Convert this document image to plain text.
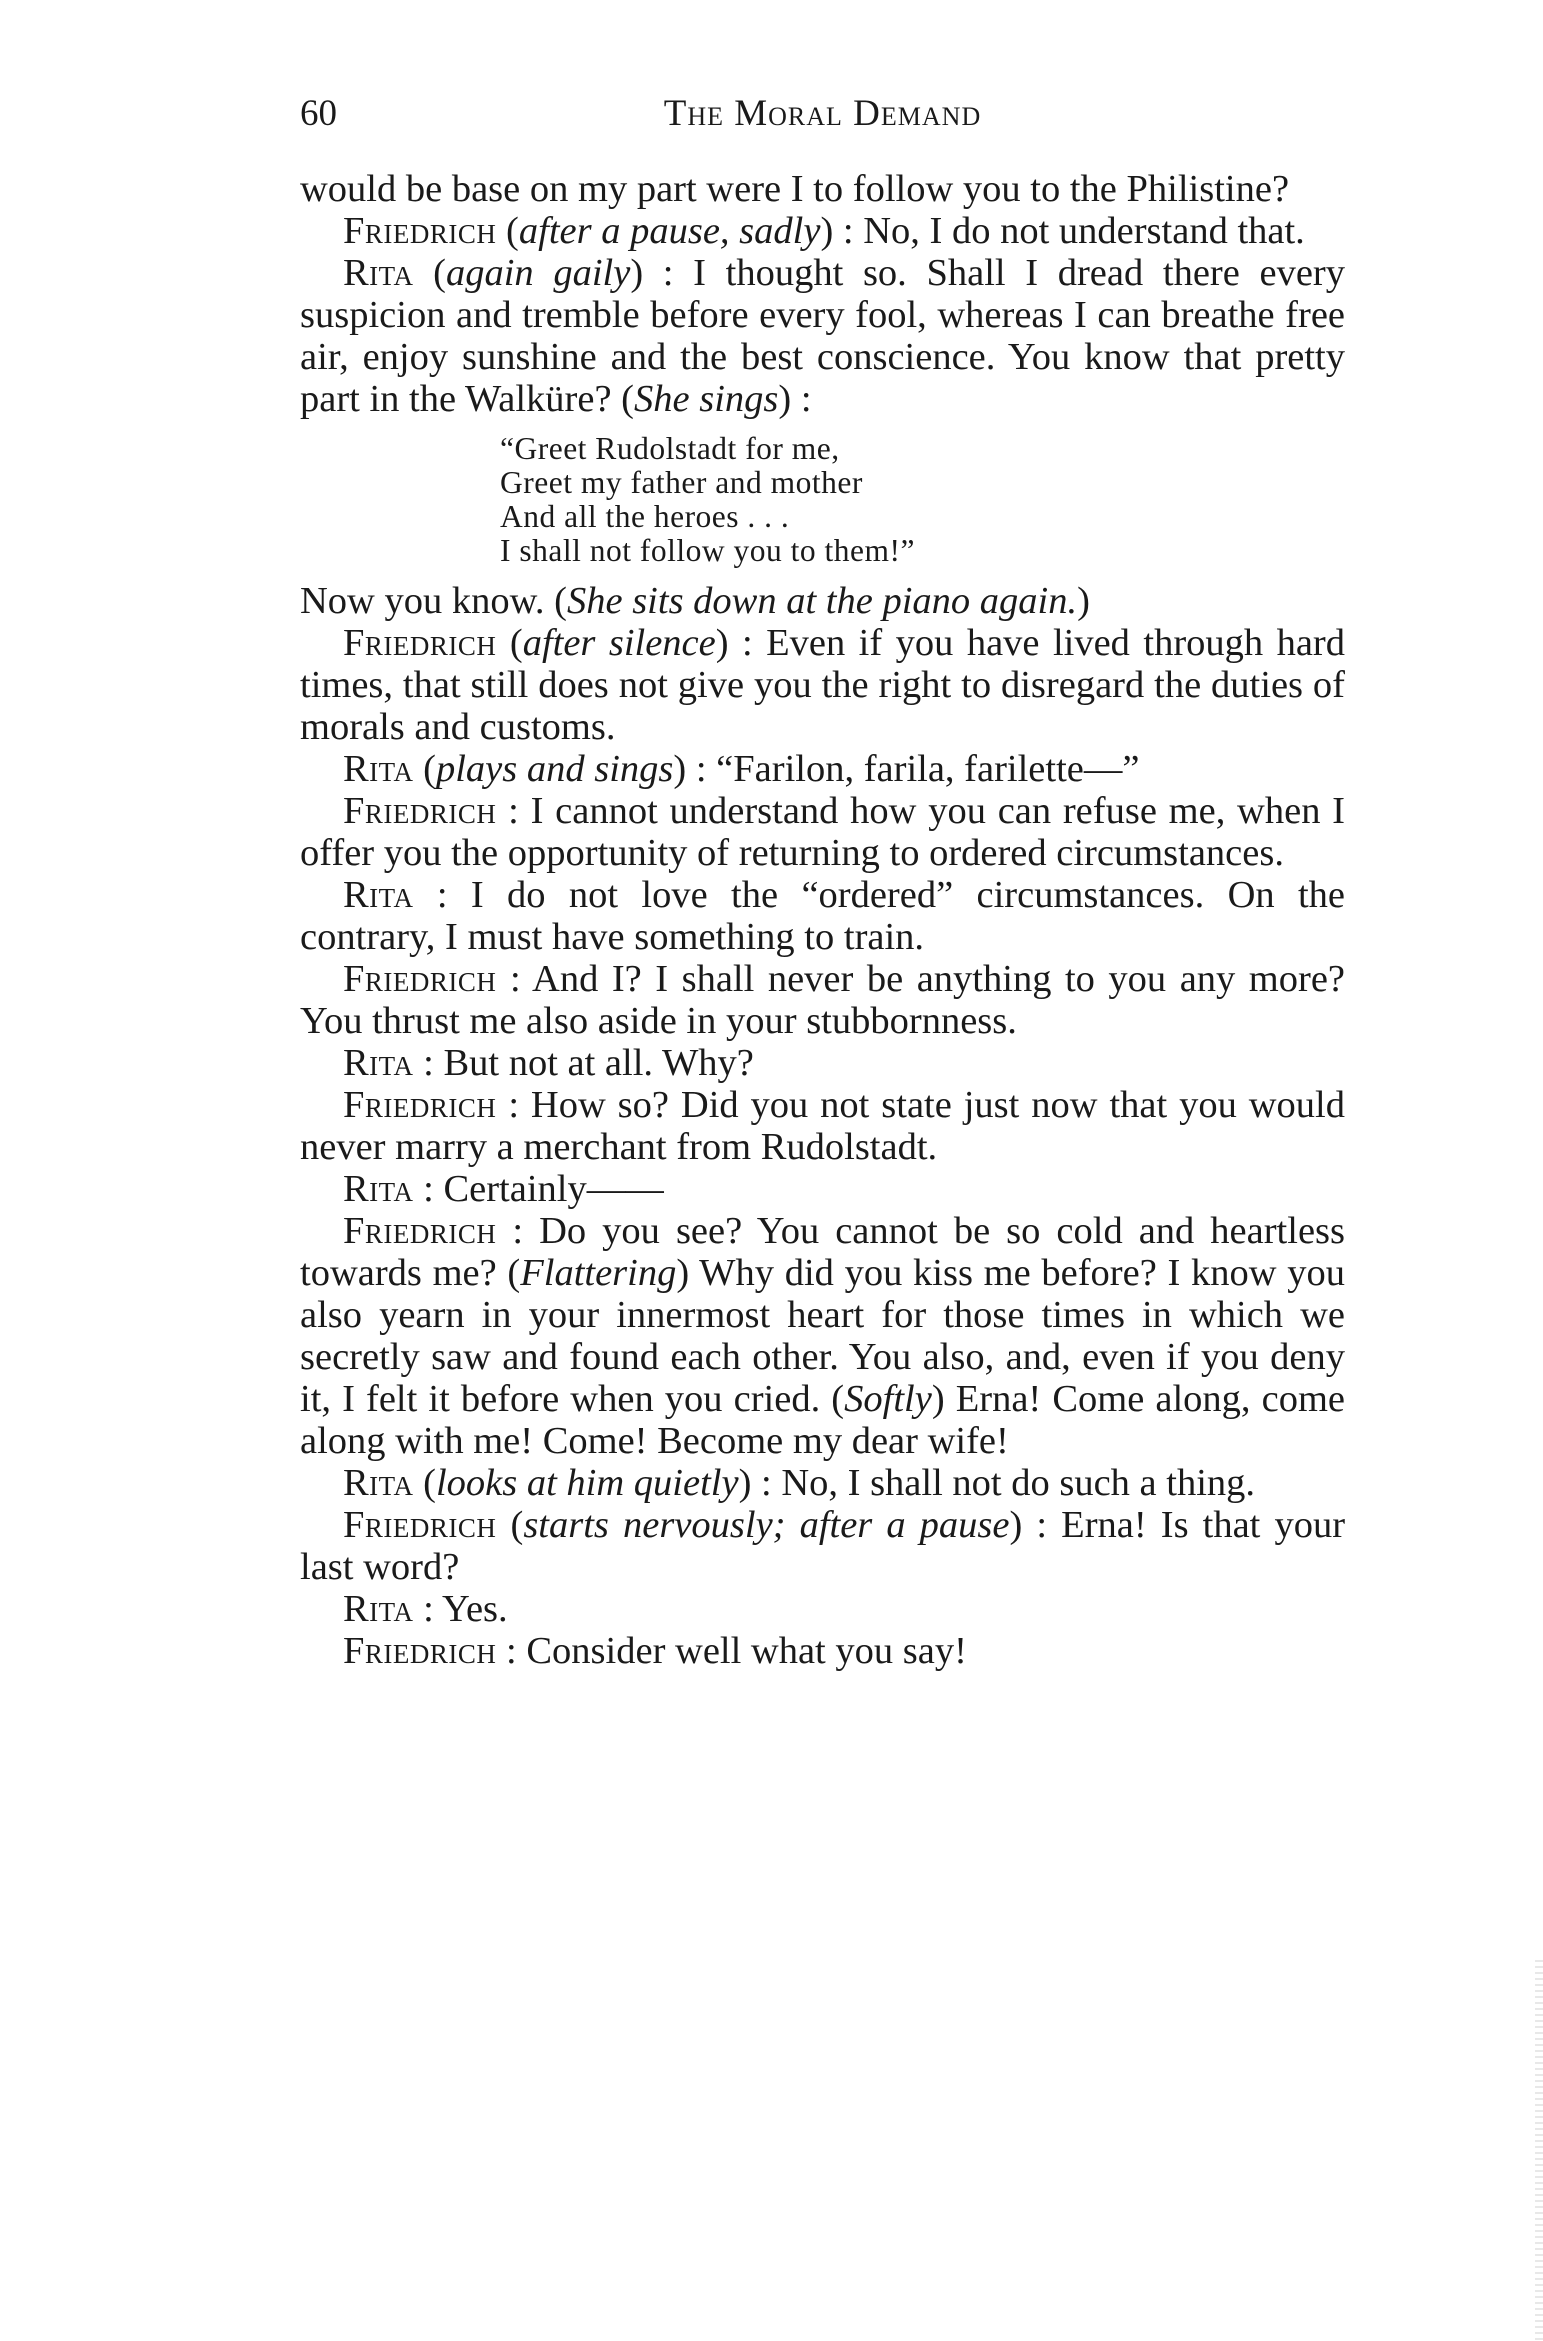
60	The Moral Demand

would be base on my part were I to follow you to the Philistine?

Friedrich (after a pause, sadly) : No, I do not understand that.

Rita (again gaily) : I thought so. Shall I dread there every suspicion and tremble before every fool, whereas I can breathe free air, enjoy sunshine and the best conscience. You know that pretty part in the Walküre? (She sings) :

“Greet Rudolstadt for me,
Greet my father and mother
And all the heroes . . .
I shall not follow you to them!”

Now you know. (She sits down at the piano again.)

Friedrich (after silence) : Even if you have lived through hard times, that still does not give you the right to disregard the duties of morals and customs.

Rita (plays and sings) : “Farilon, farila, farilette—”

Friedrich : I cannot understand how you can refuse me, when I offer you the opportunity of returning to ordered circumstances.

Rita : I do not love the “ordered” circumstances. On the contrary, I must have something to train.

Friedrich : And I? I shall never be anything to you any more? You thrust me also aside in your stubbornness.

Rita : But not at all. Why?

Friedrich : How so? Did you not state just now that you would never marry a merchant from Rudolstadt.

Rita : Certainly——

Friedrich : Do you see? You cannot be so cold and heartless towards me? (Flattering) Why did you kiss me before? I know you also yearn in your innermost heart for those times in which we secretly saw and found each other. You also, and, even if you deny it, I felt it before when you cried. (Softly) Erna! Come along, come along with me! Come! Become my dear wife!

Rita (looks at him quietly) : No, I shall not do such a thing.

Friedrich (starts nervously; after a pause) : Erna! Is that your last word?

Rita : Yes.

Friedrich : Consider well what you say!
